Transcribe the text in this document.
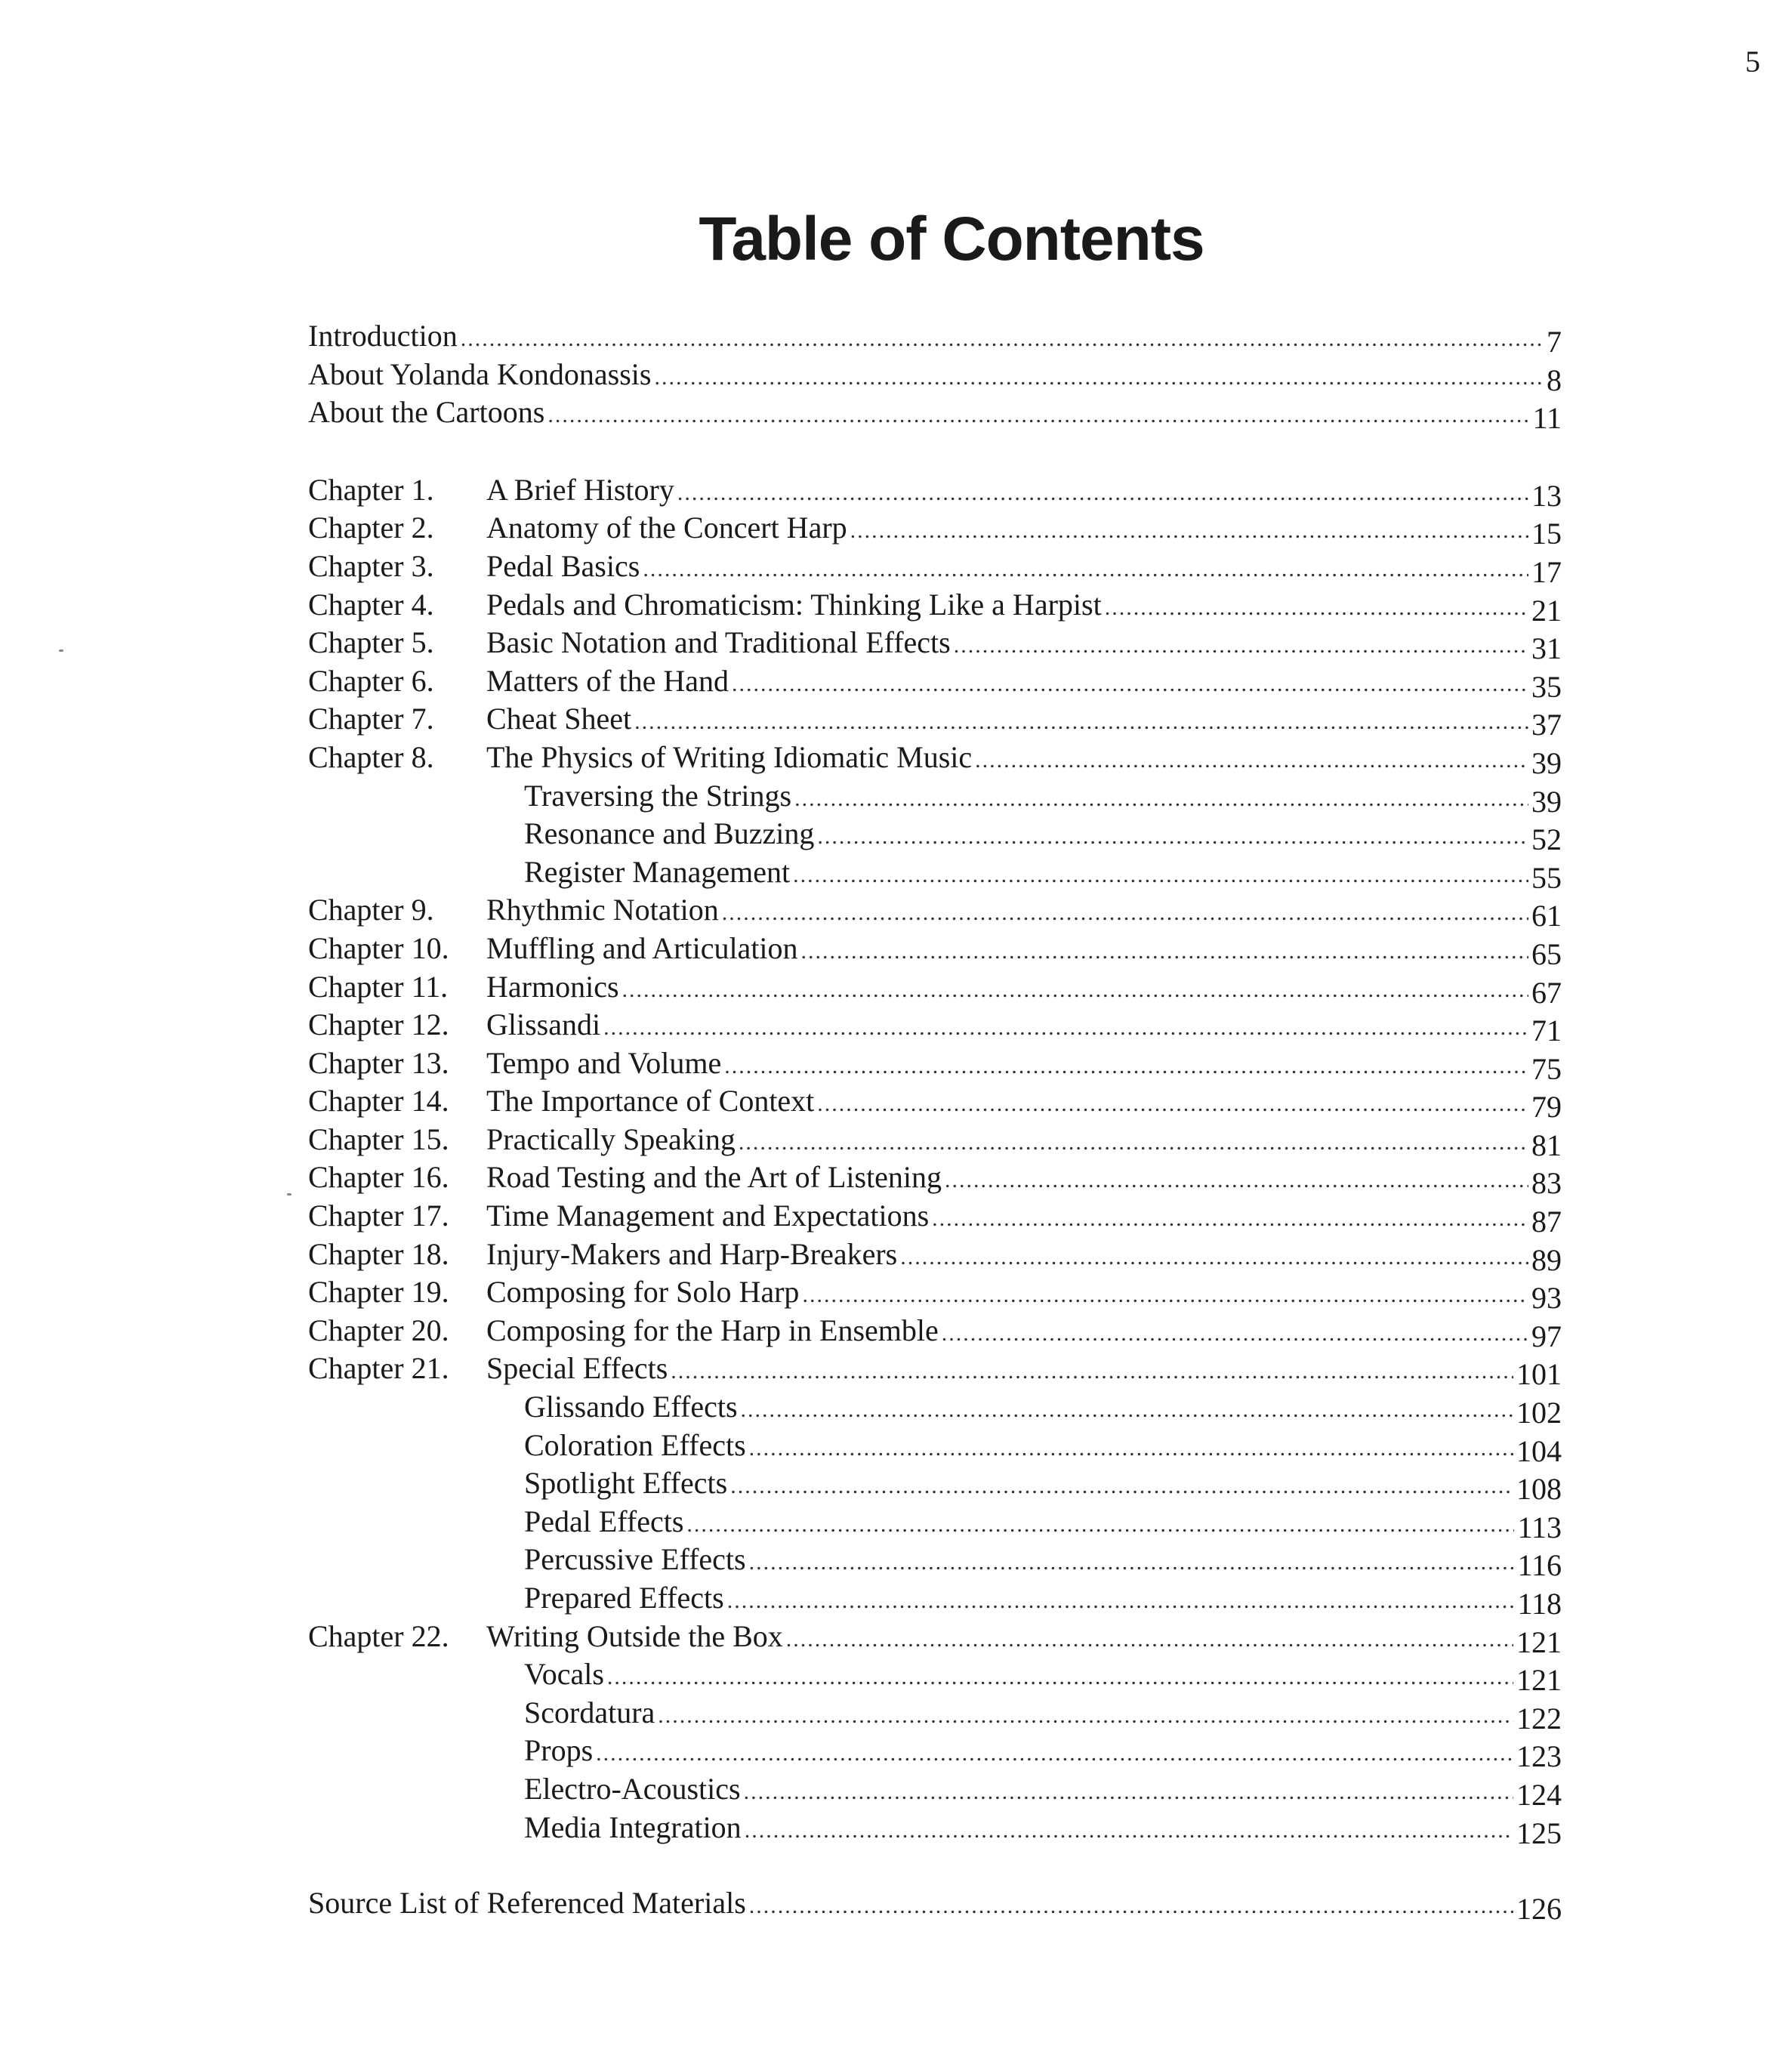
5
Table of Contents
Introduction .....	7
About Yolanda Kondonassis .....	8
About the Cartoons .....	11
Chapter 1.	A Brief History .....	13
Chapter 2.	Anatomy of the Concert Harp .....	15
Chapter 3.	Pedal Basics .....	17
Chapter 4.	Pedals and Chromaticism: Thinking Like a Harpist .....	21
Chapter 5.	Basic Notation and Traditional Effects .....	31
Chapter 6.	Matters of the Hand .....	35
Chapter 7.	Cheat Sheet .....	37
Chapter 8.	The Physics of Writing Idiomatic Music .....	39
Traversing the Strings .....	39
Resonance and Buzzing .....	52
Register Management .....	55
Chapter 9.	Rhythmic Notation .....	61
Chapter 10.	Muffling and Articulation .....	65
Chapter 11.	Harmonics .....	67
Chapter 12.	Glissandi .....	71
Chapter 13.	Tempo and Volume .....	75
Chapter 14.	The Importance of Context .....	79
Chapter 15.	Practically Speaking .....	81
Chapter 16.	Road Testing and the Art of Listening .....	83
Chapter 17.	Time Management and Expectations .....	87
Chapter 18.	Injury-Makers and Harp-Breakers .....	89
Chapter 19.	Composing for Solo Harp .....	93
Chapter 20.	Composing for the Harp in Ensemble .....	97
Chapter 21.	Special Effects .....	101
Glissando Effects .....	102
Coloration Effects .....	104
Spotlight Effects .....	108
Pedal Effects .....	113
Percussive Effects .....	116
Prepared Effects .....	118
Chapter 22.	Writing Outside the Box .....	121
Vocals .....	121
Scordatura .....	122
Props .....	123
Electro-Acoustics .....	124
Media Integration .....	125
Source List of Referenced Materials .....	126
